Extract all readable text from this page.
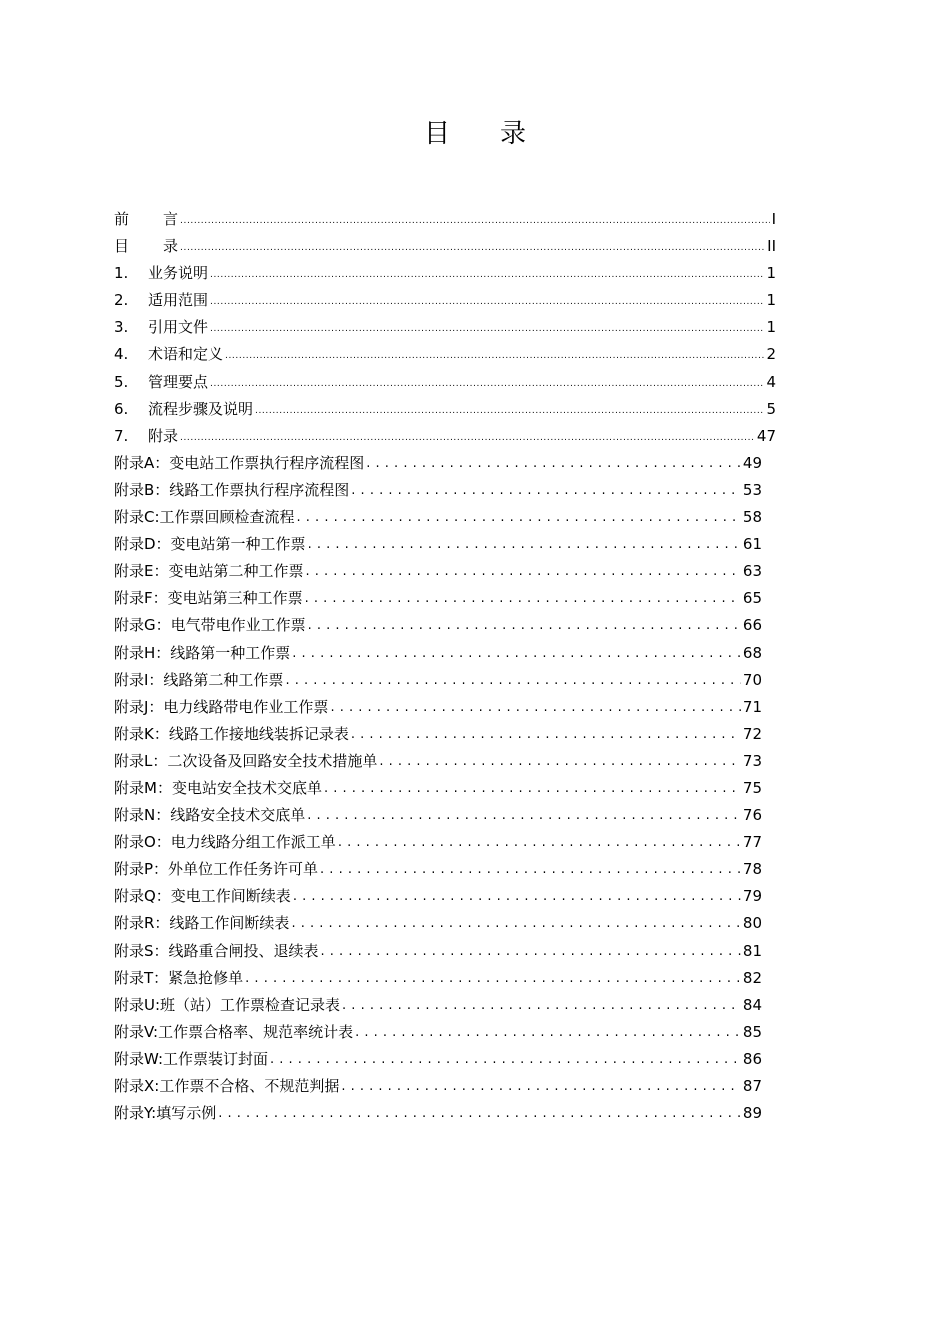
目 录
前 言 .....	I
目 录 .....	II
1. 业务说明 .....	1
2. 适用范围 .....	1
3. 引用文件 .....	1
4. 术语和定义 .....	2
5. 管理要点 .....	4
6. 流程步骤及说明 .....	5
7. 附录 .....	47
附录A：变电站工作票执行程序流程图 . . .	49
附录B：线路工作票执行程序流程图 . . .	53
附录C:工作票回顾检查流程 . . .	58
附录D：变电站第一种工作票 . . .	61
附录E：变电站第二种工作票 . . .	63
附录F：变电站第三种工作票 . . .	65
附录G：电气带电作业工作票 . . .	66
附录H：线路第一种工作票 . . .	68
附录I：线路第二种工作票 . . .	70
附录J：电力线路带电作业工作票 . . .	71
附录K：线路工作接地线装拆记录表 . . .	72
附录L：二次设备及回路安全技术措施单 . . .	73
附录M：变电站安全技术交底单 . . .	75
附录N：线路安全技术交底单 . . .	76
附录O：电力线路分组工作派工单 . . .	77
附录P：外单位工作任务许可单 . . .	78
附录Q：变电工作间断续表 . . .	79
附录R：线路工作间断续表 . . .	80
附录S：线路重合闸投、退续表 . . .	81
附录T：紧急抢修单 . . .	82
附录U:班（站）工作票检查记录表 . . .	84
附录V:工作票合格率、规范率统计表 . . .	85
附录W:工作票装订封面 . . .	86
附录X:工作票不合格、不规范判据 . . .	87
附录Y:填写示例 . . .	89
